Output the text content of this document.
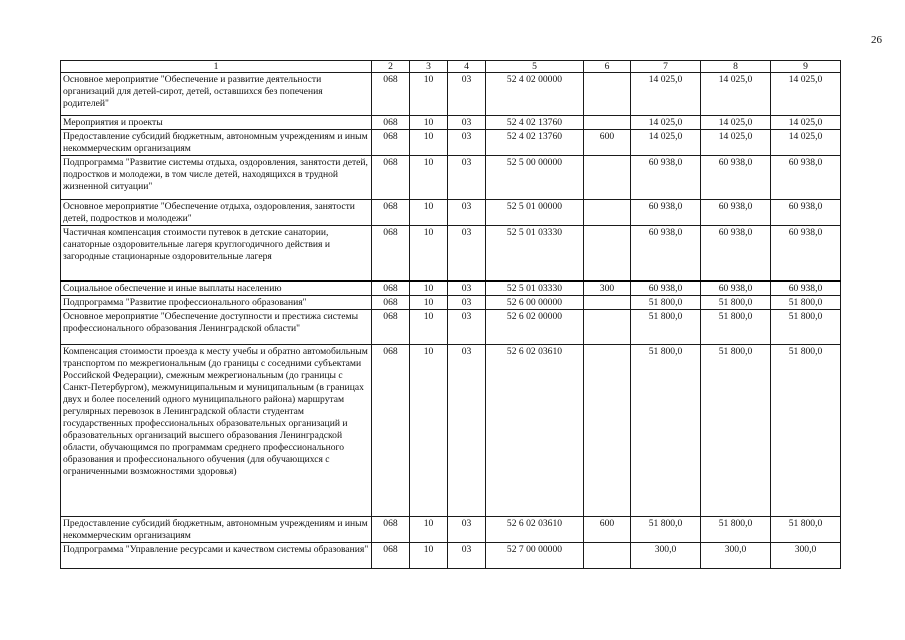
26
1	2	3	4	5	6	7	8	9
Основное мероприятие "Обеспечение и развитие деятельности организаций для детей-сирот, детей, оставшихся без попечения родителей"	068	10	03	52 4 02 00000		14 025,0	14 025,0	14 025,0
Мероприятия и проекты	068	10	03	52 4 02 13760		14 025,0	14 025,0	14 025,0
Предоставление субсидий бюджетным, автономным учреждениям и иным некоммерческим организациям	068	10	03	52 4 02 13760	600	14 025,0	14 025,0	14 025,0
Подпрограмма "Развитие системы отдыха, оздоровления, занятости детей, подростков и молодежи, в том числе детей, находящихся в трудной жизненной ситуации"	068	10	03	52 5 00 00000		60 938,0	60 938,0	60 938,0
Основное мероприятие "Обеспечение отдыха, оздоровления, занятости детей, подростков и молодежи"	068	10	03	52 5 01 00000		60 938,0	60 938,0	60 938,0
Частичная компенсация стоимости путевок в детские санатории, санаторные оздоровительные лагеря круглогодичного действия и загородные стационарные оздоровительные лагеря	068	10	03	52 5 01 03330		60 938,0	60 938,0	60 938,0
Социальное обеспечение и иные выплаты населению	068	10	03	52 5 01 03330	300	60 938,0	60 938,0	60 938,0
Подпрограмма "Развитие профессионального образования"	068	10	03	52 6 00 00000		51 800,0	51 800,0	51 800,0
Основное мероприятие "Обеспечение доступности и престижа системы профессионального образования Ленинградской области"	068	10	03	52 6 02 00000		51 800,0	51 800,0	51 800,0
Компенсация стоимости проезда к месту учебы и обратно автомобильным транспортом по межрегиональным (до границы с соседними субъектами Российской Федерации), смежным межрегиональным (до границы с Санкт-Петербургом), межмуниципальным и муниципальным (в границах двух и более поселений одного муниципального района) маршрутам регулярных перевозок в Ленинградской области студентам государственных профессиональных образовательных организаций и образовательных организаций высшего образования Ленинградской области, обучающимся по программам среднего профессионального образования и профессионального обучения (для обучающихся с ограниченными возможностями здоровья)	068	10	03	52 6 02 03610		51 800,0	51 800,0	51 800,0
Предоставление субсидий бюджетным, автономным учреждениям и иным некоммерческим организациям	068	10	03	52 6 02 03610	600	51 800,0	51 800,0	51 800,0
Подпрограмма "Управление ресурсами и качеством системы образования"	068	10	03	52 7 00 00000		300,0	300,0	300,0
